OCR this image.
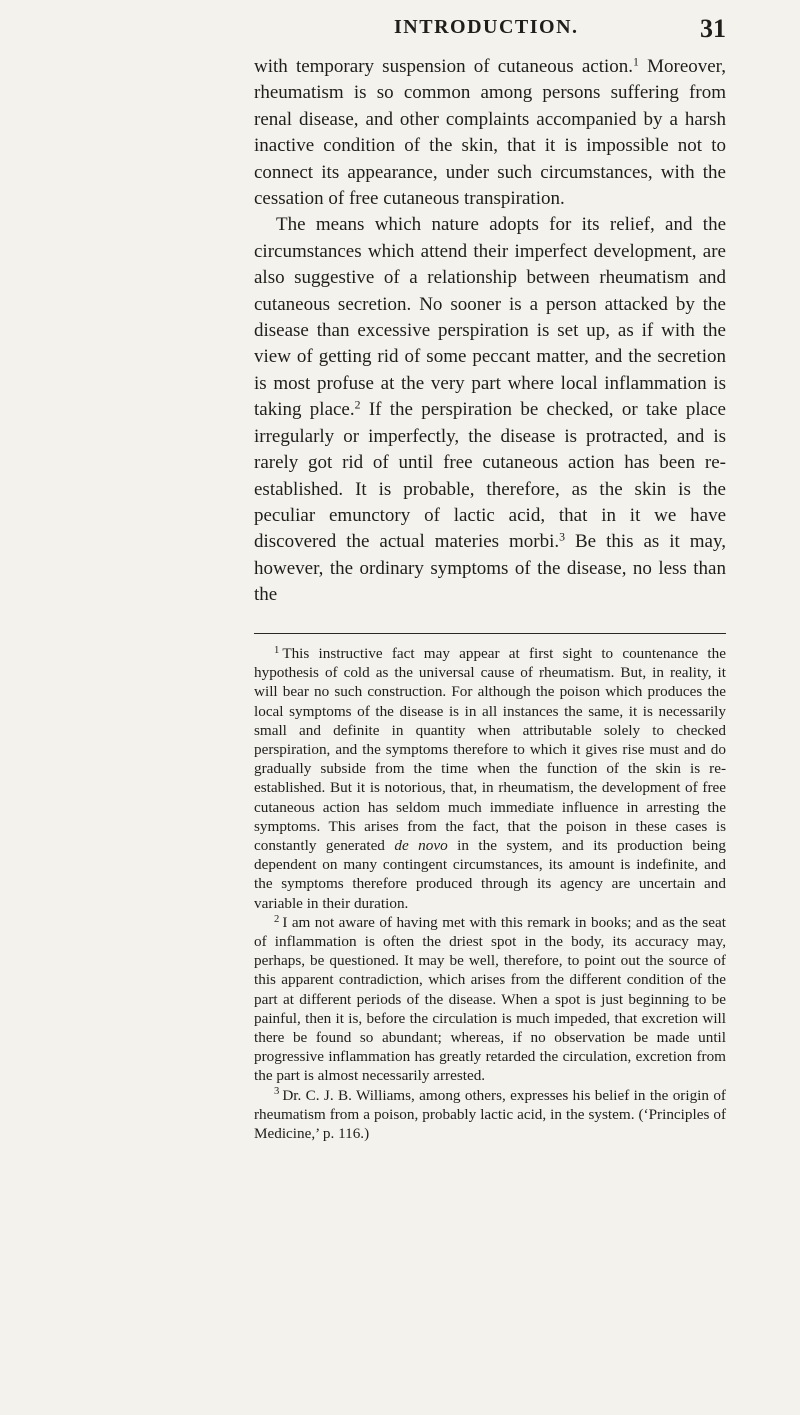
INTRODUCTION.	31

with temporary suspension of cutaneous action.$^1$ Moreover, rheumatism is so common among persons suffering from renal disease, and other complaints accompanied by a harsh inactive condition of the skin, that it is impossible not to connect its appearance, under such circumstances, with the cessation of free cutaneous transpiration.

The means which nature adopts for its relief, and the circumstances which attend their imperfect development, are also suggestive of a relationship between rheumatism and cutaneous secretion. No sooner is a person attacked by the disease than excessive perspiration is set up, as if with the view of getting rid of some peccant matter, and the secretion is most profuse at the very part where local inflammation is taking place.$^2$ If the perspiration be checked, or take place irregularly or imperfectly, the disease is protracted, and is rarely got rid of until free cutaneous action has been re-established. It is probable, therefore, as the skin is the peculiar emunctory of lactic acid, that in it we have discovered the actual materies morbi.$^3$ Be this as it may, however, the ordinary symptoms of the disease, no less than the

$^1$ This instructive fact may appear at first sight to countenance the hypothesis of cold as the universal cause of rheumatism. But, in reality, it will bear no such construction. For although the poison which produces the local symptoms of the disease is in all instances the same, it is necessarily small and definite in quantity when attributable solely to checked perspiration, and the symptoms therefore to which it gives rise must and do gradually subside from the time when the function of the skin is re-established. But it is notorious, that, in rheumatism, the development of free cutaneous action has seldom much immediate influence in arresting the symptoms. This arises from the fact, that the poison in these cases is constantly generated de novo in the system, and its production being dependent on many contingent circumstances, its amount is indefinite, and the symptoms therefore produced through its agency are uncertain and variable in their duration.

$^2$ I am not aware of having met with this remark in books; and as the seat of inflammation is often the driest spot in the body, its accuracy may, perhaps, be questioned. It may be well, therefore, to point out the source of this apparent contradiction, which arises from the different condition of the part at different periods of the disease. When a spot is just beginning to be painful, then it is, before the circulation is much impeded, that excretion will there be found so abundant; whereas, if no observation be made until progressive inflammation has greatly retarded the circulation, excretion from the part is almost necessarily arrested.

$^3$ Dr. C. J. B. Williams, among others, expresses his belief in the origin of rheumatism from a poison, probably lactic acid, in the system. (‘Principles of Medicine,’ p. 116.)
